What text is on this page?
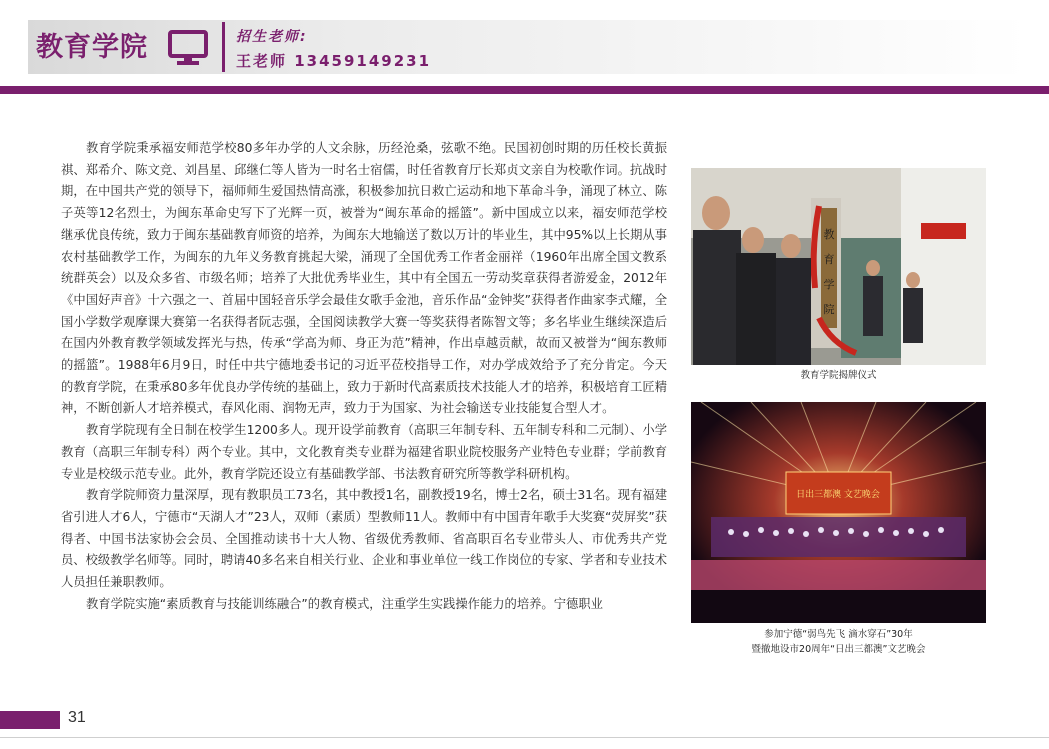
教育学院	招生老师:
王老师 13459149231

教育学院秉承福安师范学校80多年办学的人文余脉，历经沧桑，弦歌不绝。民国初创时期的历任校长黄振祺、郑希介、陈文竞、刘昌星、邱继仁等人皆为一时名士宿儒，时任省教育厅长郑贞文亲自为校歌作词。抗战时期，在中国共产党的领导下，福师师生爱国热情高涨，积极参加抗日救亡运动和地下革命斗争，涌现了林立、陈子英等12名烈士，为闽东革命史写下了光辉一页，被誉为“闽东革命的摇篮”。新中国成立以来，福安师范学校继承优良传统，致力于闽东基础教育师资的培养，为闽东大地输送了数以万计的毕业生，其中95%以上长期从事农村基础教学工作，为闽东的九年义务教育挑起大梁，涌现了全国优秀工作者金丽祥（1960年出席全国文教系统群英会）以及众多省、市级名师；培养了大批优秀毕业生，其中有全国五一劳动奖章获得者游爱金，2012年《中国好声音》十六强之一、首届中国轻音乐学会最佳女歌手金池，音乐作品“金钟奖”获得者作曲家李式耀，全国小学数学观摩课大赛第一名获得者阮志强，全国阅读教学大赛一等奖获得者陈智文等；多名毕业生继续深造后在国内外教育教学领域发挥光与热，传承“学高为师、身正为范”精神，作出卓越贡献，故而又被誉为“闽东教师的摇篮”。1988年6月9日，时任中共宁德地委书记的习近平莅校指导工作，对办学成效给予了充分肯定。今天的教育学院，在秉承80多年优良办学传统的基础上，致力于新时代高素质技术技能人才的培养，积极培育工匠精神，不断创新人才培养模式，春风化雨、润物无声，致力于为国家、为社会输送专业技能复合型人才。

教育学院现有全日制在校学生1200多人。现开设学前教育（高职三年制专科、五年制专科和二元制）、小学教育（高职三年制专科）两个专业。其中，文化教育类专业群为福建省职业院校服务产业特色专业群；学前教育专业是校级示范专业。此外，教育学院还设立有基础教学部、书法教育研究所等教学科研机构。

教育学院师资力量深厚，现有教职员工73名，其中教授1名，副教授19名，博士2名，硕士31名。现有福建省引进人才6人，宁德市“天湖人才”23人，双师（素质）型教师11人。教师中有中国青年歌手大奖赛“荧屏奖”获得者、中国书法家协会会员、全国推动读书十大人物、省级优秀教师、省高职百名专业带头人、市优秀共产党员、校级教学名师等。同时，聘请40多名来自相关行业、企业和事业单位一线工作岗位的专家、学者和专业技术人员担任兼职教师。

教育学院实施“素质教育与技能训练融合”的教育模式，注重学生实践操作能力的培养。宁德职业

教
育
学
院
教育学院揭牌仪式
日出三都澳 文艺晚会
参加宁德“弱鸟先飞 滴水穿石”30年
暨撤地设市20周年“日出三都澳”文艺晚会
31
